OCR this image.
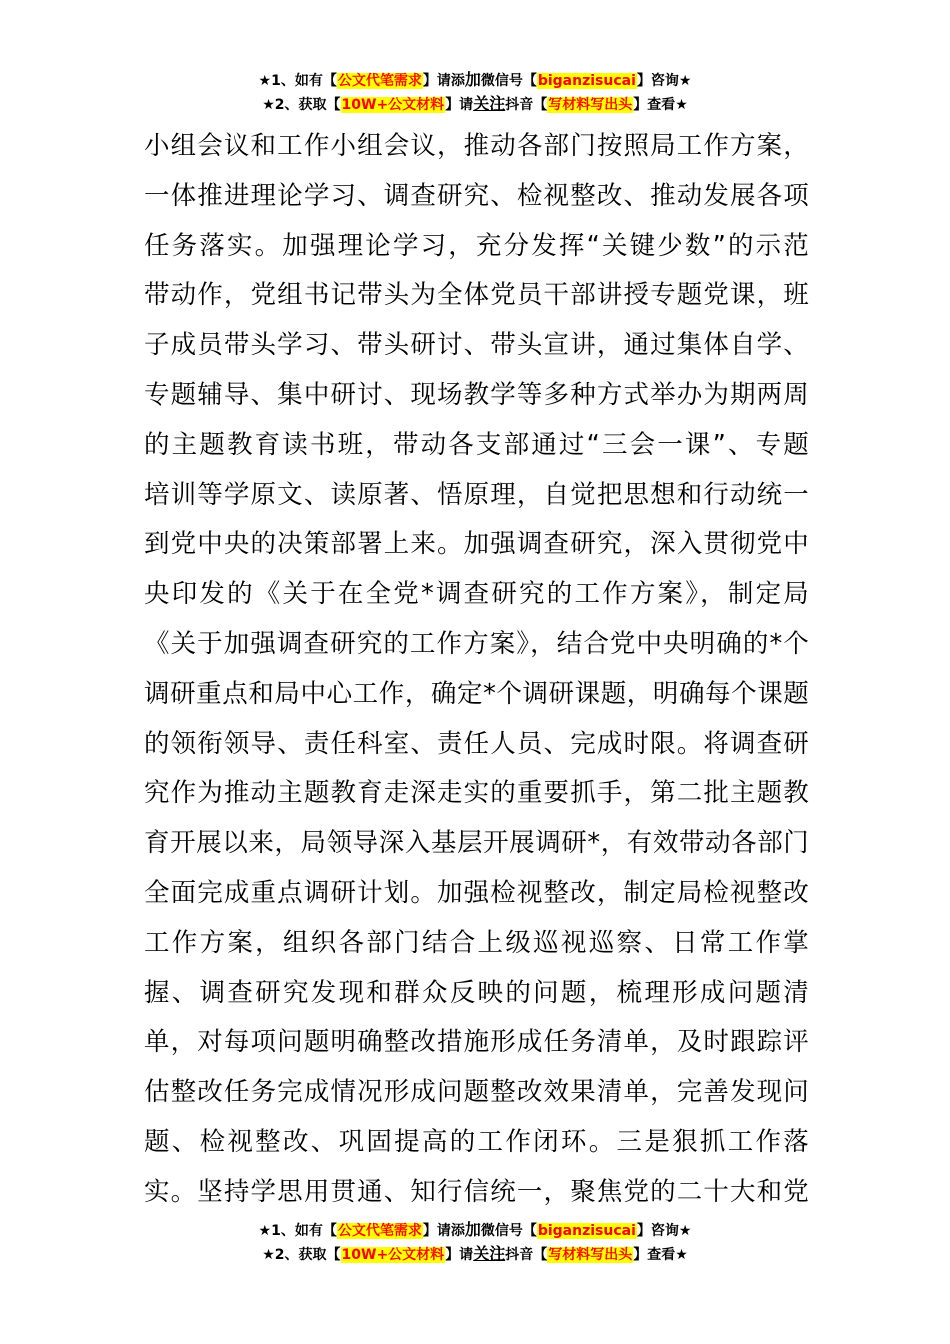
★1、如有【公文代笔需求】请添加微信号【biganzisucai】咨询★
★2、获取【10W+公文材料】请关注抖音【写材料写出头】查看★
小组会议和工作小组会议，推动各部门按照局工作方案，
一体推进理论学习、调查研究、检视整改、推动发展各项
任务落实。加强理论学习，充分发挥“关键少数”的示范
带动作，党组书记带头为全体党员干部讲授专题党课，班
子成员带头学习、带头研讨、带头宣讲，通过集体自学、
专题辅导、集中研讨、现场教学等多种方式举办为期两周
的主题教育读书班，带动各支部通过“三会一课”、专题
培训等学原文、读原著、悟原理，自觉把思想和行动统一
到党中央的决策部署上来。加强调查研究，深入贯彻党中
央印发的《关于在全党*调查研究的工作方案》，制定局
《关于加强调查研究的工作方案》，结合党中央明确的*个
调研重点和局中心工作，确定*个调研课题，明确每个课题
的领衔领导、责任科室、责任人员、完成时限。将调查研
究作为推动主题教育走深走实的重要抓手，第二批主题教
育开展以来，局领导深入基层开展调研*，有效带动各部门
全面完成重点调研计划。加强检视整改，制定局检视整改
工作方案，组织各部门结合上级巡视巡察、日常工作掌
握、调查研究发现和群众反映的问题，梳理形成问题清
单，对每项问题明确整改措施形成任务清单，及时跟踪评
估整改任务完成情况形成问题整改效果清单，完善发现问
题、检视整改、巩固提高的工作闭环。三是狠抓工作落
实。坚持学思用贯通、知行信统一，聚焦党的二十大和党
★1、如有【公文代笔需求】请添加微信号【biganzisucai】咨询★
★2、获取【10W+公文材料】请关注抖音【写材料写出头】查看★
